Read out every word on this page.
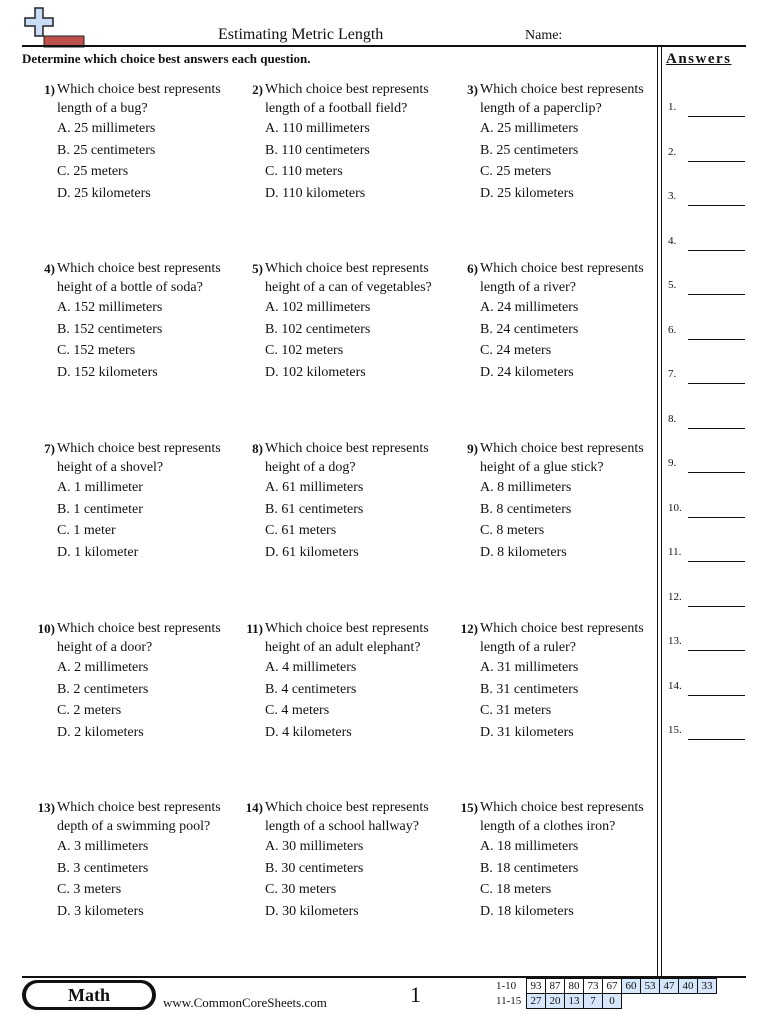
Estimating Metric Length	Name:
Determine which choice best answers each question.	Answers
1.
2.
3.
4.
5.
6.
7.
8.
9.
10.
11.
12.
13.
14.
15.
1) Which choice best represents length of a bug?
A. 25 millimeters
B. 25 centimeters
C. 25 meters
D. 25 kilometers
2) Which choice best represents length of a football field?
A. 110 millimeters
B. 110 centimeters
C. 110 meters
D. 110 kilometers
3) Which choice best represents length of a paperclip?
A. 25 millimeters
B. 25 centimeters
C. 25 meters
D. 25 kilometers
4) Which choice best represents height of a bottle of soda?
A. 152 millimeters
B. 152 centimeters
C. 152 meters
D. 152 kilometers
5) Which choice best represents height of a can of vegetables?
A. 102 millimeters
B. 102 centimeters
C. 102 meters
D. 102 kilometers
6) Which choice best represents length of a river?
A. 24 millimeters
B. 24 centimeters
C. 24 meters
D. 24 kilometers
7) Which choice best represents height of a shovel?
A. 1 millimeter
B. 1 centimeter
C. 1 meter
D. 1 kilometer
8) Which choice best represents height of a dog?
A. 61 millimeters
B. 61 centimeters
C. 61 meters
D. 61 kilometers
9) Which choice best represents height of a glue stick?
A. 8 millimeters
B. 8 centimeters
C. 8 meters
D. 8 kilometers
10) Which choice best represents height of a door?
A. 2 millimeters
B. 2 centimeters
C. 2 meters
D. 2 kilometers
11) Which choice best represents height of an adult elephant?
A. 4 millimeters
B. 4 centimeters
C. 4 meters
D. 4 kilometers
12) Which choice best represents length of a ruler?
A. 31 millimeters
B. 31 centimeters
C. 31 meters
D. 31 kilometers
13) Which choice best represents depth of a swimming pool?
A. 3 millimeters
B. 3 centimeters
C. 3 meters
D. 3 kilometers
14) Which choice best represents length of a school hallway?
A. 30 millimeters
B. 30 centimeters
C. 30 meters
D. 30 kilometers
15) Which choice best represents length of a clothes iron?
A. 18 millimeters
B. 18 centimeters
C. 18 meters
D. 18 kilometers
Math	www.CommonCoreSheets.com	1	1-10	93	87	80	73	67	60	53	47	40	33
11-15	27	20	13	7	0					
